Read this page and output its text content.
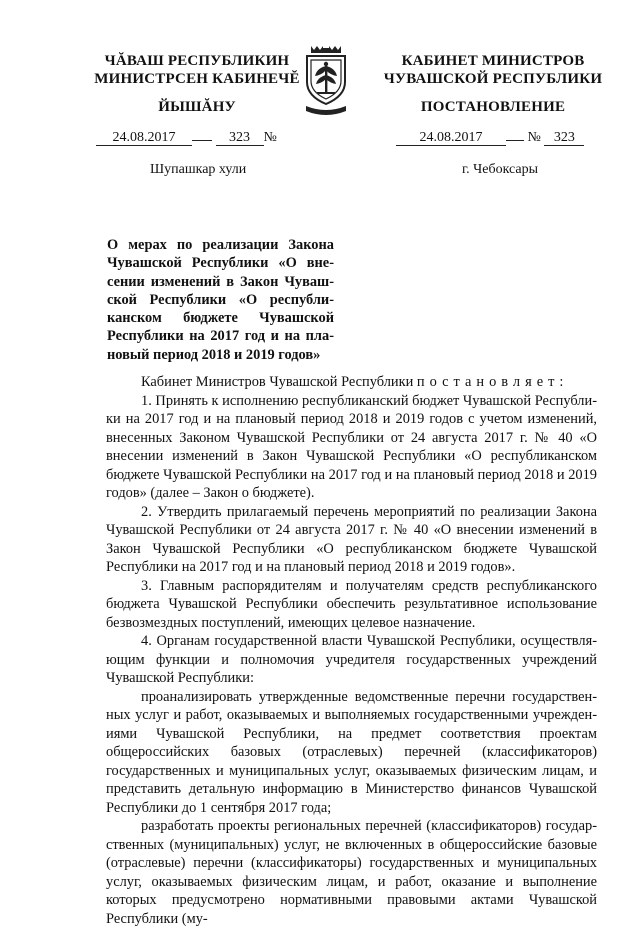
ЧĂВАШ РЕСПУБЛИКИН
МИНИСТРСЕН КАБИНЕЧĔ
ЙЫШĂНУ
КАБИНЕТ МИНИСТРОВ
ЧУВАШСКОЙ РЕСПУБЛИКИ
ПОСТАНОВЛЕНИЕ
24.08.2017	323 №
Шупашкар хули
24.08.2017	№ 323
г. Чебоксары
О мерах по реализации Закона Чувашской Республики «О внесении изменений в Закон Чувашской Республики «О республиканском бюджете Чувашской Республики на 2017 год и на плановый период 2018 и 2019 годов»

Кабинет Министров Чувашской Республики постановляет:

1. Принять к исполнению республиканский бюджет Чувашской Республики на 2017 год и на плановый период 2018 и 2019 годов с учетом изменений, внесенных Законом Чувашской Республики от 24 августа 2017 г. № 40 «О внесении изменений в Закон Чувашской Республики «О республиканском бюджете Чувашской Республики на 2017 год и на плановый период 2018 и 2019 годов» (далее – Закон о бюджете).

2. Утвердить прилагаемый перечень мероприятий по реализации Закона Чувашской Республики от 24 августа 2017 г. № 40 «О внесении изменений в Закон Чувашской Республики «О республиканском бюджете Чувашской Республики на 2017 год и на плановый период 2018 и 2019 годов».

3. Главным распорядителям и получателям средств республиканского бюджета Чувашской Республики обеспечить результативное использование безвозмездных поступлений, имеющих целевое назначение.

4. Органам государственной власти Чувашской Республики, осуществляющим функции и полномочия учредителя государственных учреждений Чувашской Республики:

проанализировать утвержденные ведомственные перечни государственных услуг и работ, оказываемых и выполняемых государственными учреждениями Чувашской Республики, на предмет соответствия проектам общероссийских базовых (отраслевых) перечней (классификаторов) государственных и муниципальных услуг, оказываемых физическим лицам, и представить детальную информацию в Министерство финансов Чувашской Республики до 1 сентября 2017 года;

разработать проекты региональных перечней (классификаторов) государственных (муниципальных) услуг, не включенных в общероссийские базовые (отраслевые) перечни (классификаторы) государственных и муниципальных услуг, оказываемых физическим лицам, и работ, оказание и выполнение которых предусмотрено нормативными правовыми актами Чувашской Республики (му-
